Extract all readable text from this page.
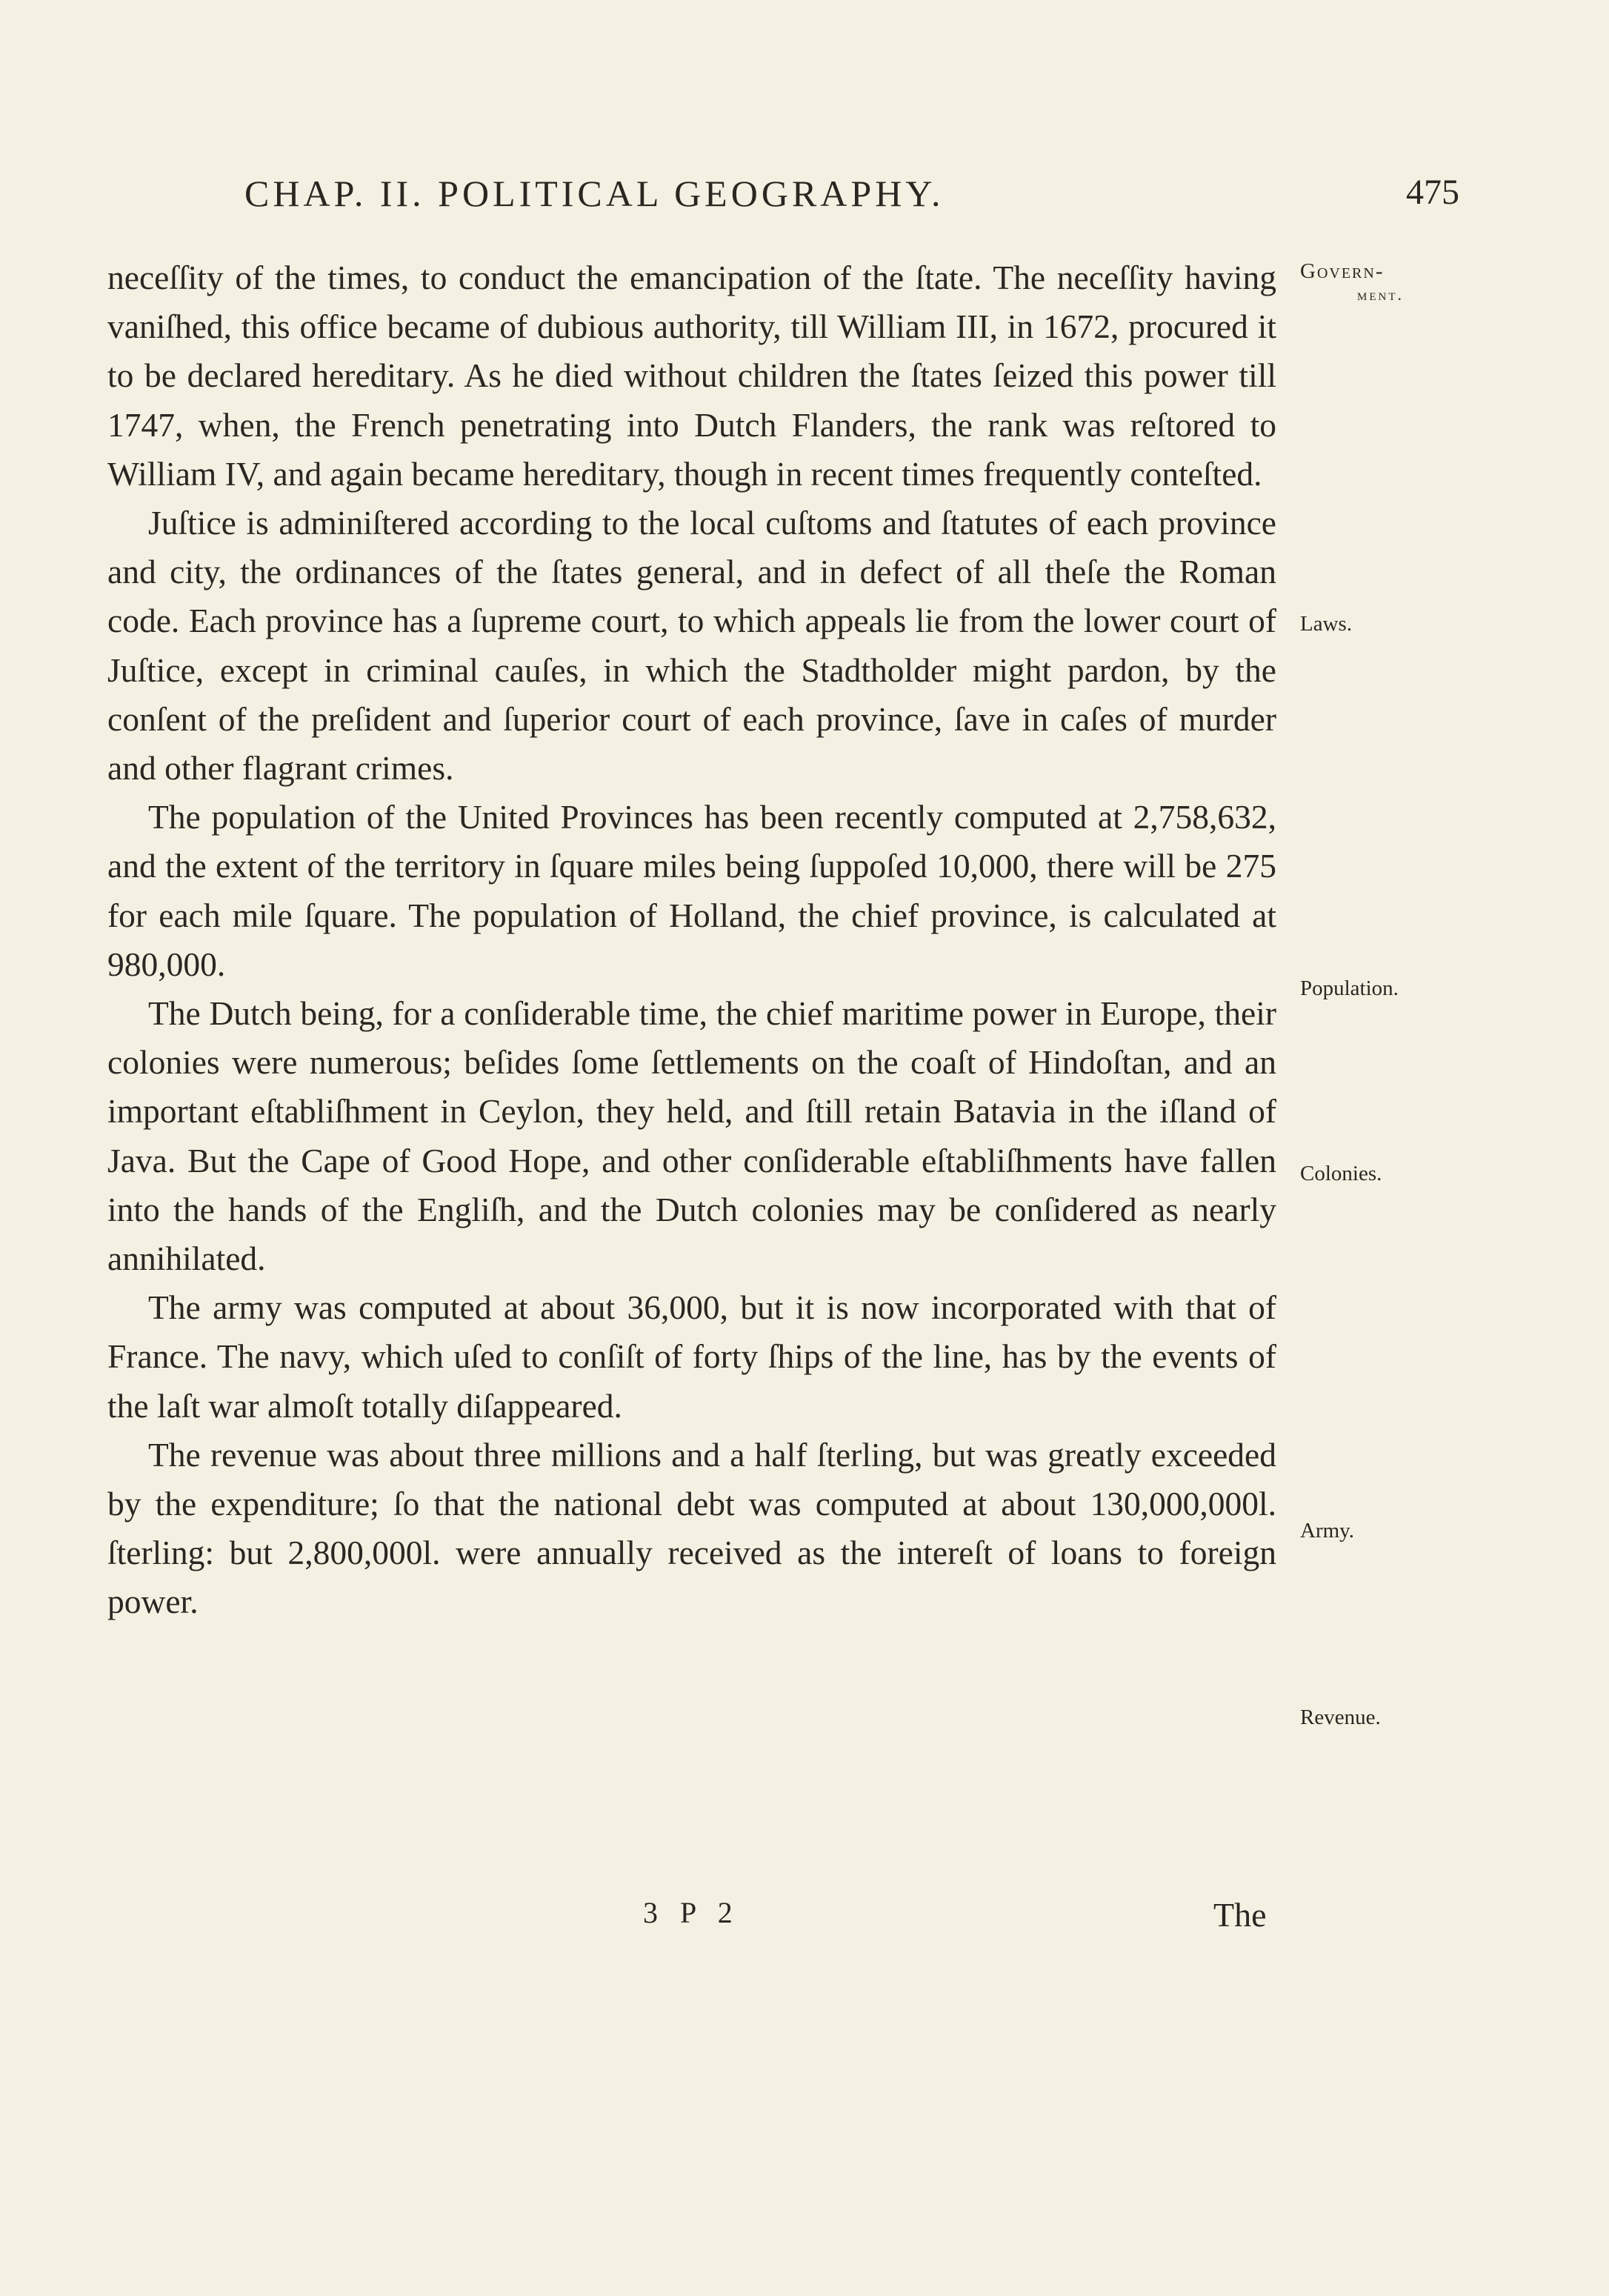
CHAP. II. POLITICAL GEOGRAPHY.	475

neceſſity of the times, to conduct the emancipation of the ſtate. The neceſſity having vaniſhed, this office became of dubious authority, till William III, in 1672, procured it to be declared hereditary. As he died without children the ſtates ſeized this power till 1747, when, the French penetrating into Dutch Flanders, the rank was reſtored to William IV, and again became hereditary, though in recent times frequently conteſted.

Juſtice is adminiſtered according to the local cuſtoms and ſtatutes of each province and city, the ordinances of the ſtates general, and in defect of all theſe the Roman code. Each province has a ſupreme court, to which appeals lie from the lower court of Juſtice, except in criminal cauſes, in which the Stadtholder might pardon, by the conſent of the preſident and ſuperior court of each province, ſave in caſes of murder and other flagrant crimes.

The population of the United Provinces has been recently computed at 2,758,632, and the extent of the territory in ſquare miles being ſuppoſed 10,000, there will be 275 for each mile ſquare. The population of Holland, the chief province, is calculated at 980,000.

The Dutch being, for a conſiderable time, the chief maritime power in Europe, their colonies were numerous; beſides ſome ſettlements on the coaſt of Hindoſtan, and an important eſtabliſhment in Ceylon, they held, and ſtill retain Batavia in the iſland of Java. But the Cape of Good Hope, and other conſiderable eſtabliſhments have fallen into the hands of the Engliſh, and the Dutch colonies may be conſidered as nearly annihilated.

The army was computed at about 36,000, but it is now incorporated with that of France. The navy, which uſed to conſiſt of forty ſhips of the line, has by the events of the laſt war almoſt totally diſappeared.

The revenue was about three millions and a half ſterling, but was greatly exceeded by the expenditure; ſo that the national debt was computed at about 130,000,000l. ſterling: but 2,800,000l. were annually received as the intereſt of loans to foreign power.

Govern-
ment.
Laws.
Population.
Colonies.
Army.
Revenue.
3 P 2	The
